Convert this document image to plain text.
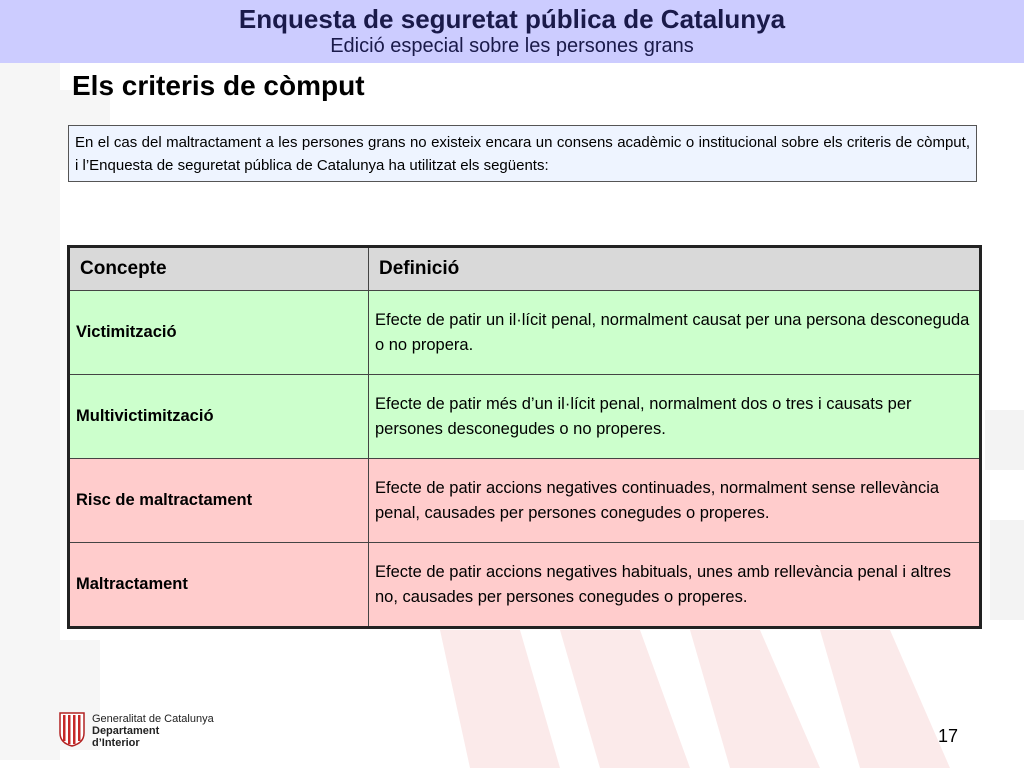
Enquesta de seguretat pública de Catalunya
Edició especial sobre les persones grans
Els criteris de còmput
En el cas del maltractament a les persones grans no existeix encara un consens acadèmic o institucional sobre els criteris de còmput, i l’Enquesta de seguretat pública de Catalunya ha utilitzat els següents:
Concepte	Definició
Victimització	Efecte de patir un il·lícit penal, normalment causat per una persona desconeguda o no propera.
Multivictimització	Efecte de patir més d’un il·lícit penal, normalment dos o tres i causats per persones desconegudes o no properes.
Risc de maltractament	Efecte de patir accions negatives continuades, normalment sense rellevància penal, causades per persones conegudes o properes.
Maltractament	Efecte de patir accions negatives habituals, unes amb rellevància penal i altres no, causades per persones conegudes o properes.
Generalitat de Catalunya
Departament
d’Interior	17
